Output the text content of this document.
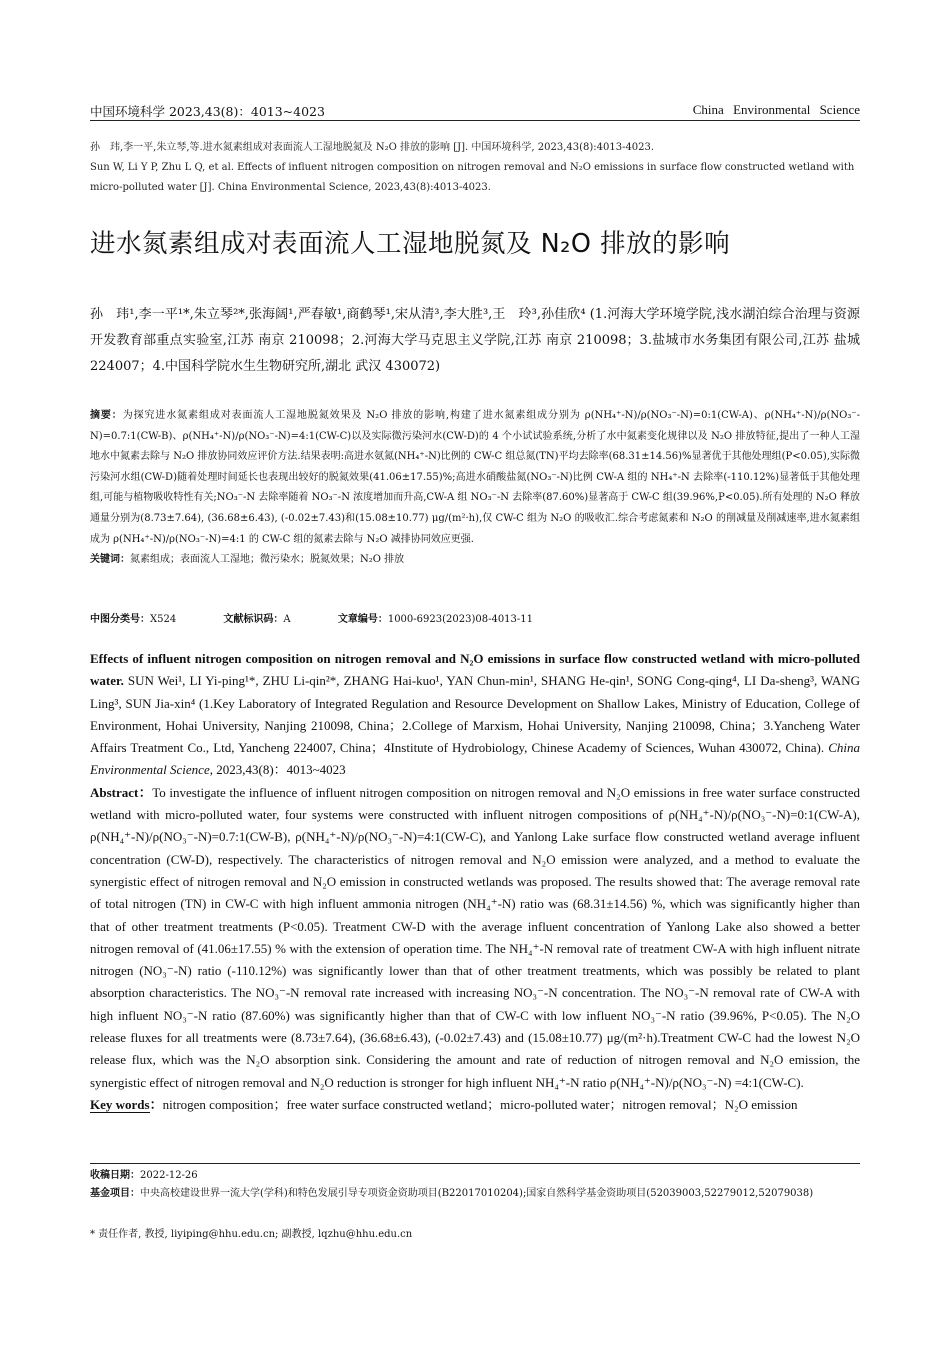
中国环境科学 2023,43(8)：4013~4023	China Environmental Science

孙　玮,李一平,朱立琴,等.进水氮素组成对表面流人工湿地脱氮及 N₂O 排放的影响 [J]. 中国环境科学, 2023,43(8):4013-4023.

Sun W, Li Y P, Zhu L Q, et al. Effects of influent nitrogen composition on nitrogen removal and N₂O emissions in surface flow constructed wetland with

micro-polluted water [J]. China Environmental Science, 2023,43(8):4013-4023.

进水氮素组成对表面流人工湿地脱氮及 N₂O 排放的影响
孙　玮¹,李一平¹*,朱立琴²*,张海阔¹,严春敏¹,商鹤琴¹,宋从清³,李大胜³,王　玲³,孙佳欣⁴ (1.河海大学环境学院,浅水湖泊综合治理与资源开发教育部重点实验室,江苏 南京 210098；2.河海大学马克思主义学院,江苏 南京 210098；3.盐城市水务集团有限公司,江苏 盐城 224007；4.中国科学院水生生物研究所,湖北 武汉 430072)

摘要：为探究进水氮素组成对表面流人工湿地脱氮效果及 N₂O 排放的影响,构建了进水氮素组成分别为 ρ(NH₄⁺-N)/ρ(NO₃⁻-N)=0:1(CW-A)、ρ(NH₄⁺-N)/ρ(NO₃⁻-N)=0.7:1(CW-B)、ρ(NH₄⁺-N)/ρ(NO₃⁻-N)=4:1(CW-C)以及实际微污染河水(CW-D)的 4 个小试试验系统,分析了水中氮素变化规律以及 N₂O 排放特征,提出了一种人工湿地水中氮素去除与 N₂O 排放协同效应评价方法.结果表明:高进水氨氮(NH₄⁺-N)比例的 CW-C 组总氮(TN)平均去除率(68.31±14.56)%显著优于其他处理组(P<0.05),实际微污染河水组(CW-D)随着处理时间延长也表现出较好的脱氮效果(41.06±17.55)%;高进水硝酸盐氮(NO₃⁻-N)比例 CW-A 组的 NH₄⁺-N 去除率(-110.12%)显著低于其他处理组,可能与植物吸收特性有关;NO₃⁻-N 去除率随着 NO₃⁻-N 浓度增加而升高,CW-A 组 NO₃⁻-N 去除率(87.60%)显著高于 CW-C 组(39.96%,P<0.05).所有处理的 N₂O 释放通量分别为(8.73±7.64), (36.68±6.43), (-0.02±7.43)和(15.08±10.77) μg/(m²·h),仅 CW-C 组为 N₂O 的吸收汇.综合考虑氮素和 N₂O 的削减量及削减速率,进水氮素组成为 ρ(NH₄⁺-N)/ρ(NO₃⁻-N)=4:1 的 CW-C 组的氮素去除与 N₂O 减排协同效应更强.

关键词：氮素组成；表面流人工湿地；微污染水；脱氮效果；N₂O 排放

中图分类号：X524	文献标识码：A	文章编号：1000-6923(2023)08-4013-11

Effects of influent nitrogen composition on nitrogen removal and N₂O emissions in surface flow constructed wetland with micro-polluted water. SUN Wei¹, LI Yi-ping¹*, ZHU Li-qin²*, ZHANG Hai-kuo¹, YAN Chun-min¹, SHANG He-qin¹, SONG Cong-qing⁴, LI Da-sheng³, WANG Ling³, SUN Jia-xin⁴ (1.Key Laboratory of Integrated Regulation and Resource Development on Shallow Lakes, Ministry of Education, College of Environment, Hohai University, Nanjing 210098, China；2.College of Marxism, Hohai University, Nanjing 210098, China；3.Yancheng Water Affairs Treatment Co., Ltd, Yancheng 224007, China；4Institute of Hydrobiology, Chinese Academy of Sciences, Wuhan 430072, China). China Environmental Science, 2023,43(8)：4013~4023

Abstract：To investigate the influence of influent nitrogen composition on nitrogen removal and N₂O emissions in free water surface constructed wetland with micro-polluted water, four systems were constructed with influent nitrogen compositions of ρ(NH₄⁺-N)/ρ(NO₃⁻-N)=0:1(CW-A), ρ(NH₄⁺-N)/ρ(NO₃⁻-N)=0.7:1(CW-B), ρ(NH₄⁺-N)/ρ(NO₃⁻-N)=4:1(CW-C), and Yanlong Lake surface flow constructed wetland average influent concentration (CW-D), respectively. The characteristics of nitrogen removal and N₂O emission were analyzed, and a method to evaluate the synergistic effect of nitrogen removal and N₂O emission in constructed wetlands was proposed. The results showed that: The average removal rate of total nitrogen (TN) in CW-C with high influent ammonia nitrogen (NH₄⁺-N) ratio was (68.31±14.56) %, which was significantly higher than that of other treatment treatments (P<0.05). Treatment CW-D with the average influent concentration of Yanlong Lake also showed a better nitrogen removal of (41.06±17.55) % with the extension of operation time. The NH₄⁺-N removal rate of treatment CW-A with high influent nitrate nitrogen (NO₃⁻-N) ratio (-110.12%) was significantly lower than that of other treatment treatments, which was possibly be related to plant absorption characteristics. The NO₃⁻-N removal rate increased with increasing NO₃⁻-N concentration. The NO₃⁻-N removal rate of CW-A with high influent NO₃⁻-N ratio (87.60%) was significantly higher than that of CW-C with low influent NO₃⁻-N ratio (39.96%, P<0.05). The N₂O release fluxes for all treatments were (8.73±7.64), (36.68±6.43), (-0.02±7.43) and (15.08±10.77) μg/(m²·h).Treatment CW-C had the lowest N₂O release flux, which was the N₂O absorption sink. Considering the amount and rate of reduction of nitrogen removal and N₂O emission, the synergistic effect of nitrogen removal and N₂O reduction is stronger for high influent NH₄⁺-N ratio ρ(NH₄⁺-N)/ρ(NO₃⁻-N) =4:1(CW-C).

Key words：nitrogen composition；free water surface constructed wetland；micro-polluted water；nitrogen removal；N₂O emission

收稿日期：2022-12-26
基金项目：中央高校建设世界一流大学(学科)和特色发展引导专项资金资助项目(B22017010204);国家自然科学基金资助项目(52039003,52279012,52079038)
* 责任作者, 教授, liyiping@hhu.edu.cn; 副教授, lqzhu@hhu.edu.cn
